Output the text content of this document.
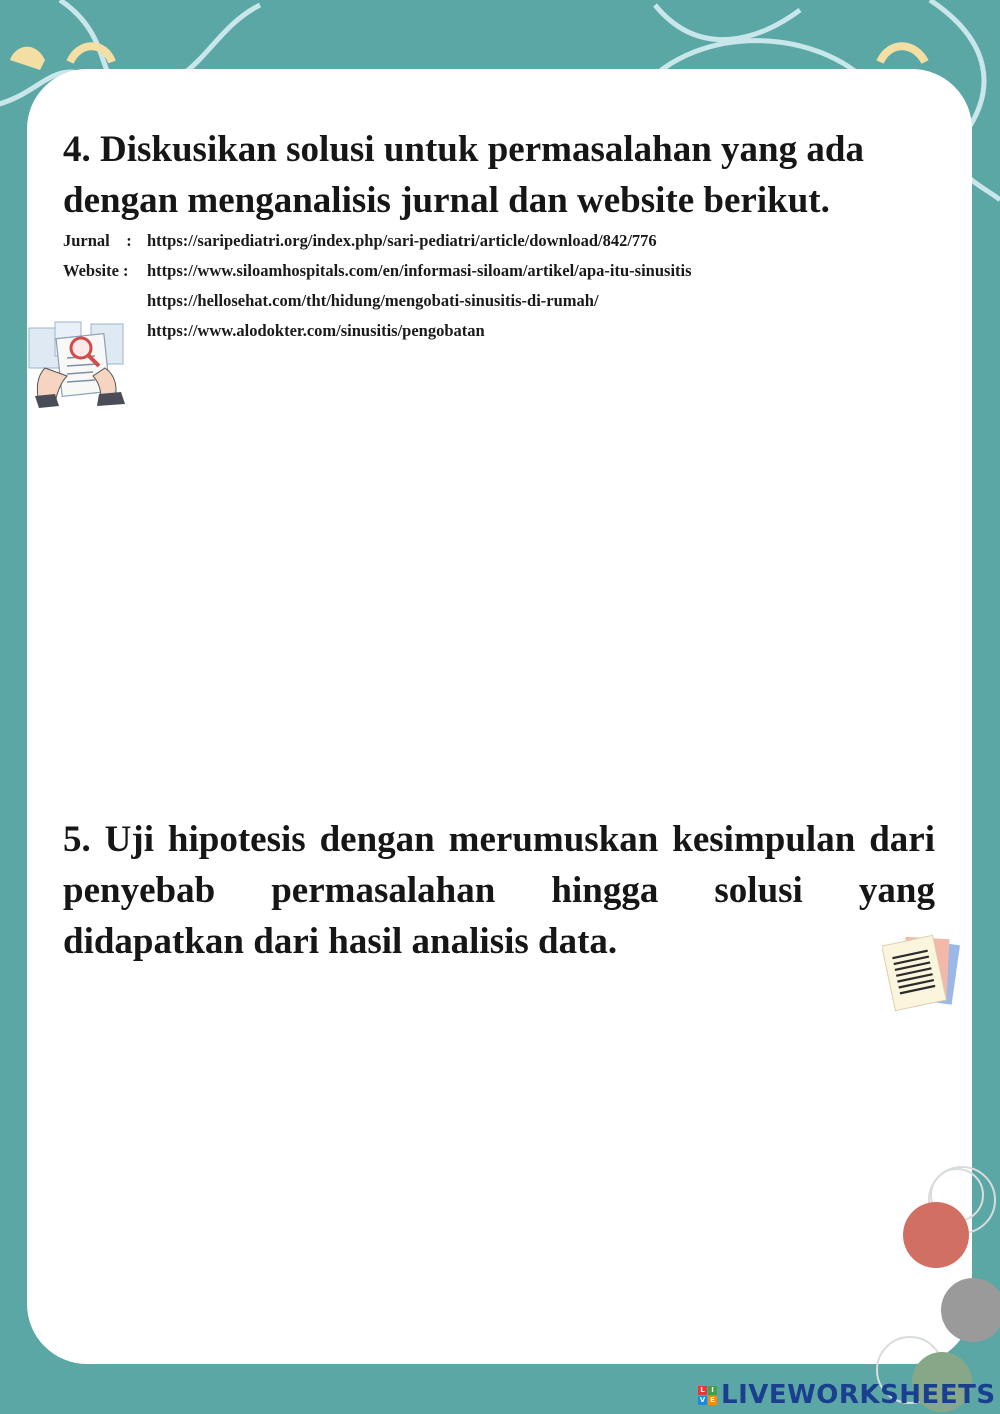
4. Diskusikan solusi untuk permasalahan yang ada dengan menganalisis jurnal dan website berikut.
Jurnal    : https://saripediatri.org/index.php/sari-pediatri/article/download/842/776
Website : https://www.siloamhospitals.com/en/informasi-siloam/artikel/apa-itu-sinusitis
https://hellosehat.com/tht/hidung/mengobati-sinusitis-di-rumah/
https://www.alodokter.com/sinusitis/pengobatan
5. Uji hipotesis dengan merumuskan kesimpulan dari penyebab permasalahan hingga solusi yang didapatkan dari hasil analisis data.
L I
V E LIVEWORKSHEETS
